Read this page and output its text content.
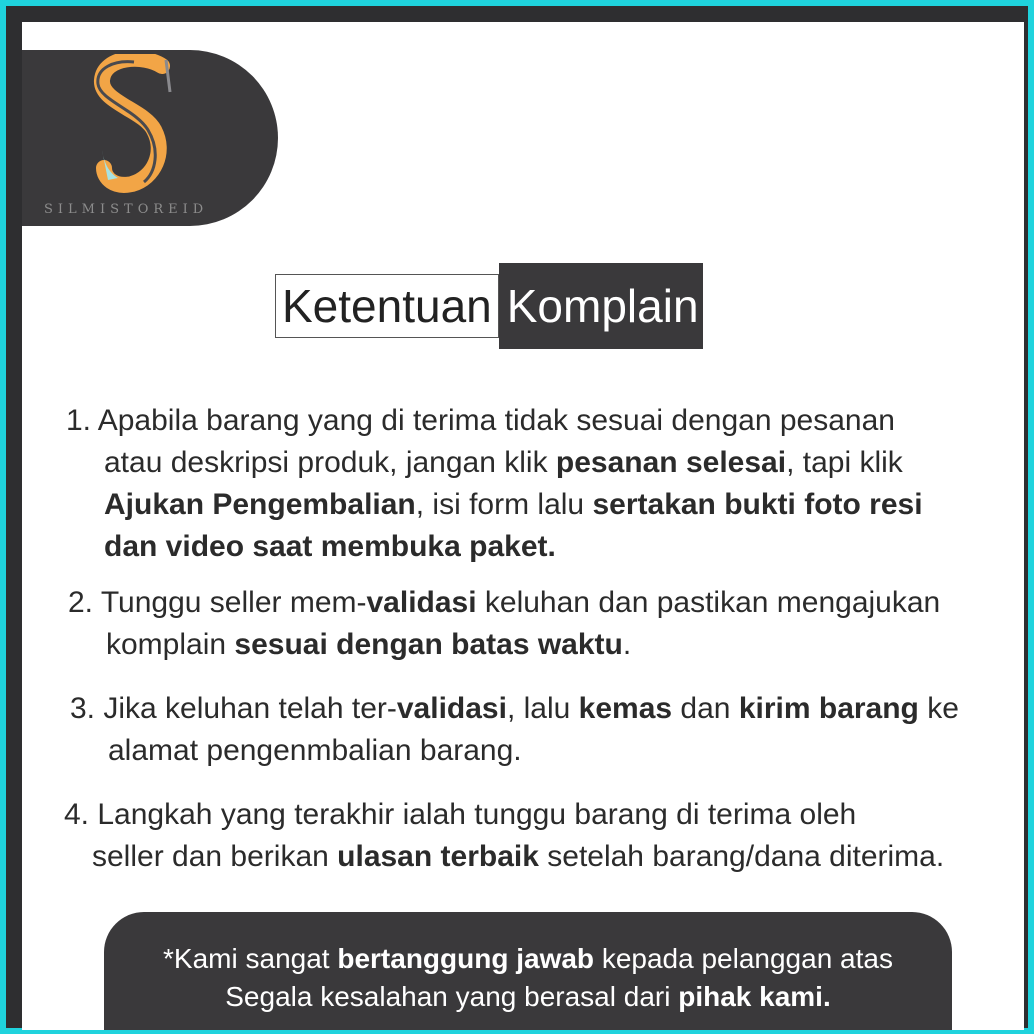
SILMISTOREID
Ketentuan Komplain

1. Apabila barang yang di terima tidak sesuai dengan pesanan

atau deskripsi produk, jangan klik pesanan selesai, tapi klik

Ajukan Pengembalian, isi form lalu sertakan bukti foto resi

dan video saat membuka paket.

2. Tunggu seller mem-validasi keluhan dan pastikan mengajukan

komplain sesuai dengan batas waktu.

3. Jika keluhan telah ter-validasi, lalu kemas dan kirim barang ke

alamat pengenmbalian barang.

4. Langkah yang terakhir ialah tunggu barang di terima oleh

seller dan berikan ulasan terbaik setelah barang/dana diterima.

*Kami sangat bertanggung jawab kepada pelanggan atas

Segala kesalahan yang berasal dari pihak kami.
